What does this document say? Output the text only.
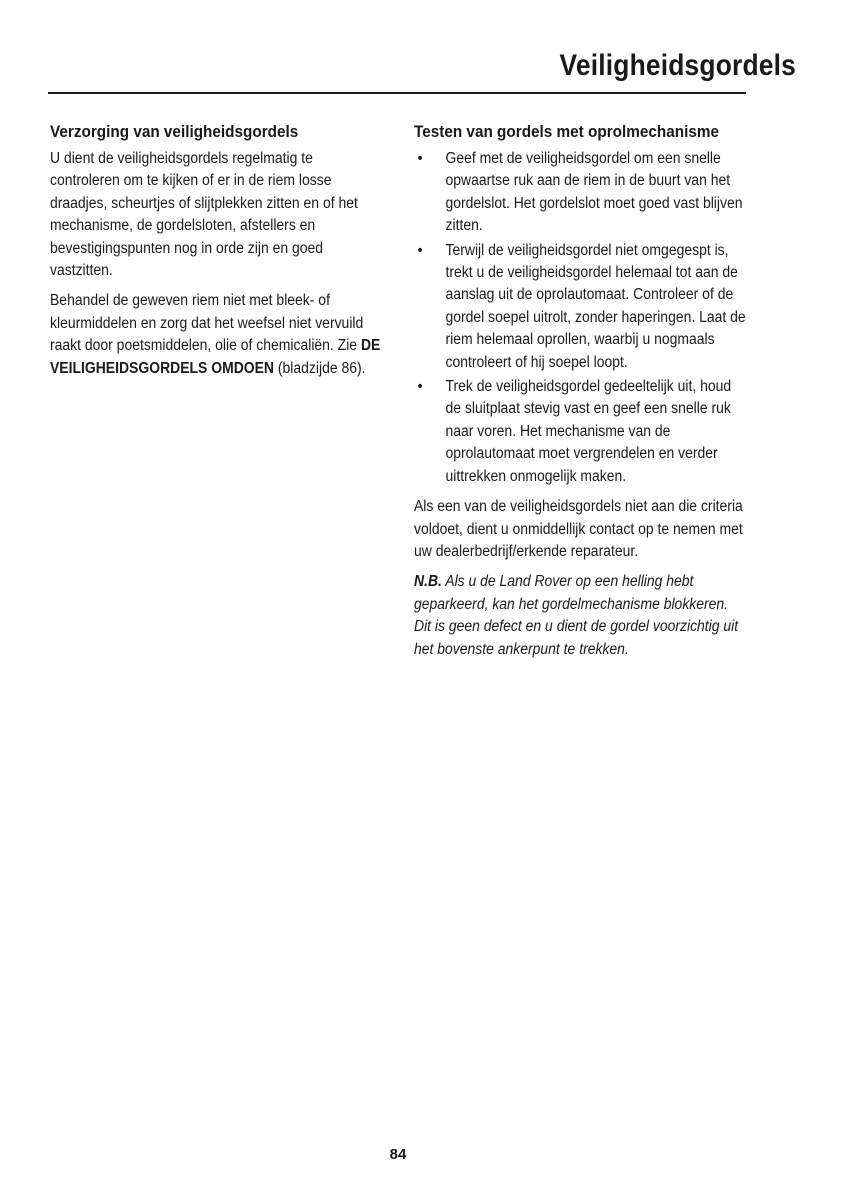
Veiligheidsgordels
Verzorging van veiligheidsgordels

U dient de veiligheidsgordels regelmatig te controleren om te kijken of er in de riem losse draadjes, scheurtjes of slijtplekken zitten en of het mechanisme, de gordelsloten, afstellers en bevestigingspunten nog in orde zijn en goed vastzitten.

Behandel de geweven riem niet met bleek- of kleurmiddelen en zorg dat het weefsel niet vervuild raakt door poetsmiddelen, olie of chemicaliën. Zie DE VEILIGHEIDSGORDELS OMDOEN (bladzijde 86).

Testen van gordels met oprolmechanisme
• Geef met de veiligheidsgordel om een snelle opwaartse ruk aan de riem in de buurt van het gordelslot. Het gordelslot moet goed vast blijven zitten.
• Terwijl de veiligheidsgordel niet omgegespt is, trekt u de veiligheidsgordel helemaal tot aan de aanslag uit de oprolautomaat. Controleer of de gordel soepel uitrolt, zonder haperingen. Laat de riem helemaal oprollen, waarbij u nogmaals controleert of hij soepel loopt.
• Trek de veiligheidsgordel gedeeltelijk uit, houd de sluitplaat stevig vast en geef een snelle ruk naar voren. Het mechanisme van de oprolautomaat moet vergrendelen en verder uittrekken onmogelijk maken.

Als een van de veiligheidsgordels niet aan die criteria voldoet, dient u onmiddellijk contact op te nemen met uw dealerbedrijf/erkende reparateur.

N.B. Als u de Land Rover op een helling hebt geparkeerd, kan het gordelmechanisme blokkeren. Dit is geen defect en u dient de gordel voorzichtig uit het bovenste ankerpunt te trekken.

84
